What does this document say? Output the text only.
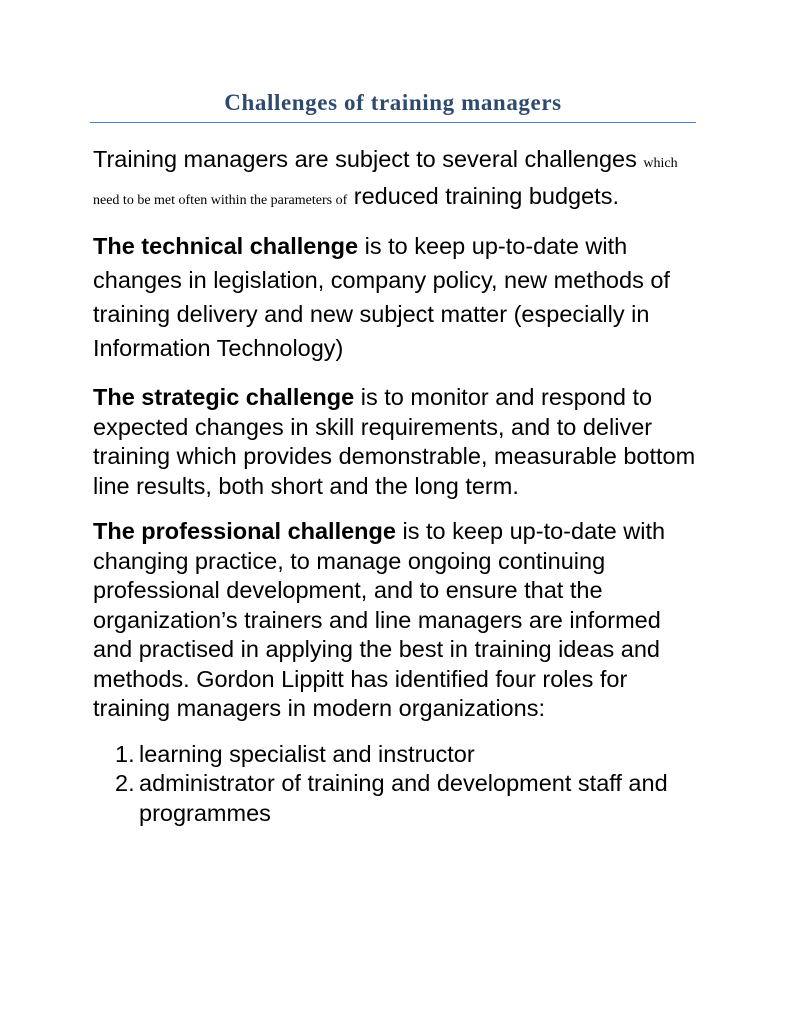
Challenges of training managers

Training managers are subject to several challenges which need to be met often within the parameters of reduced training budgets.

The technical challenge is to keep up-to-date with changes in legislation, company policy, new methods of training delivery and new subject matter (especially in Information Technology)

The strategic challenge is to monitor and respond to expected changes in skill requirements, and to deliver training which provides demonstrable, measurable bottom line results, both short and the long term.

The professional challenge is to keep up-to-date with changing practice, to manage ongoing continuing professional development, and to ensure that the organization’s trainers and line managers are informed and practised in applying the best in training ideas and methods. Gordon Lippitt has identified four roles for training managers in modern organizations:

1. learning specialist and instructor
2. administrator of training and development staff and programmes
